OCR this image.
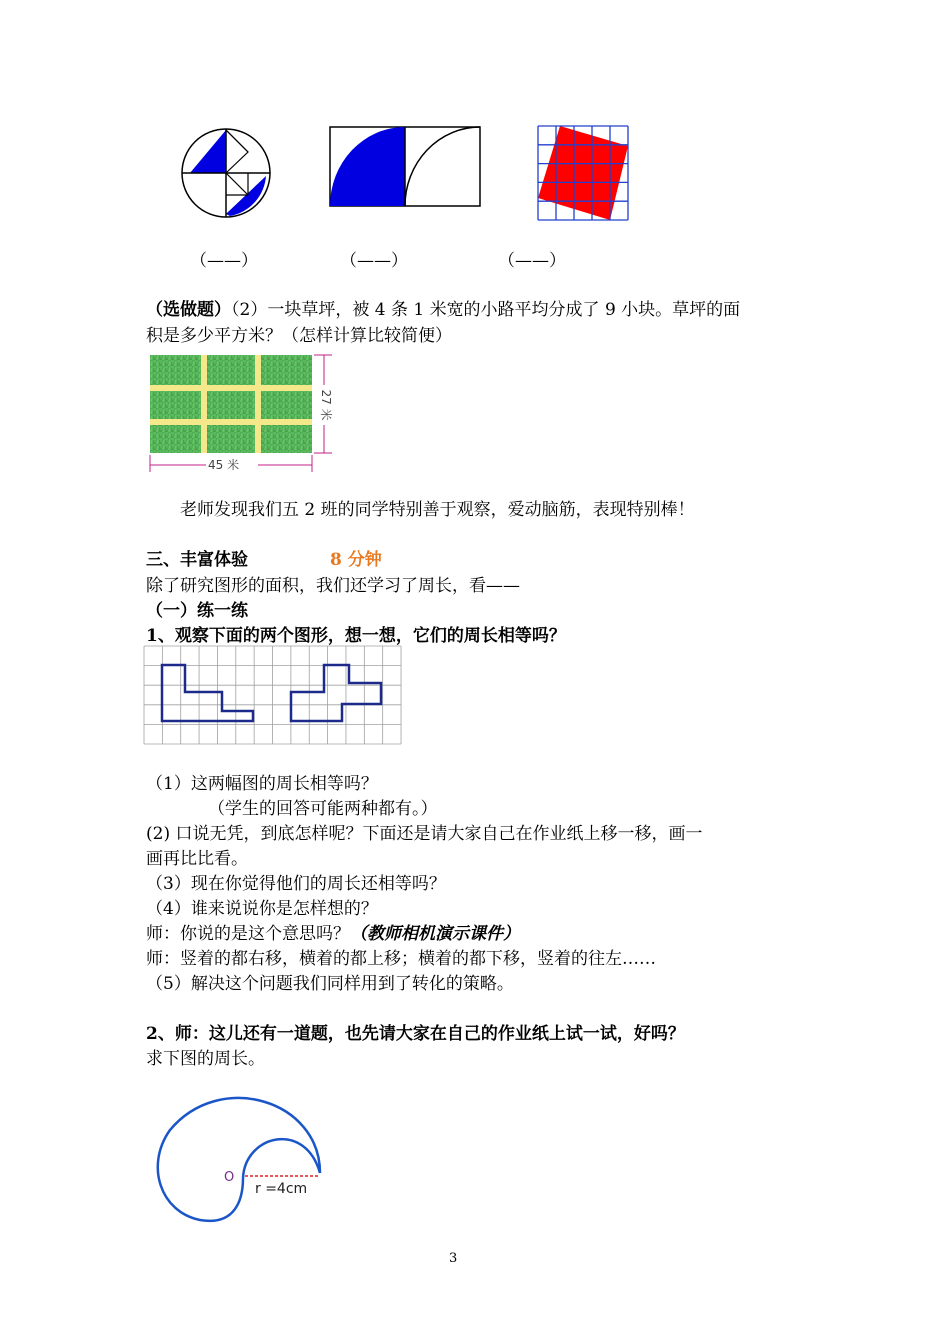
（——）	（——）	（——）
（选做题）（2）一块草坪，被 4 条 1 米宽的小路平均分成了 9 小块。草坪的面
积是多少平方米？（怎样计算比较简便）
45 米
27 米
老师发现我们五 2 班的同学特别善于观察，爱动脑筋，表现特别棒！
三、丰富体验	8 分钟
除了研究图形的面积，我们还学习了周长，看——
（一）练一练
1、观察下面的两个图形，想一想，它们的周长相等吗？
（1）这两幅图的周长相等吗？
（学生的回答可能两种都有。）
(2) 口说无凭，到底怎样呢？下面还是请大家自己在作业纸上移一移，画一
画再比比看。
（3）现在你觉得他们的周长还相等吗？
（4）谁来说说你是怎样想的？
师：你说的是这个意思吗？（教师相机演示课件）
师：竖着的都右移，横着的都上移；横着的都下移，竖着的往左……
（5）解决这个问题我们同样用到了转化的策略。
2、师：这儿还有一道题，也先请大家在自己的作业纸上试一试，好吗？
求下图的周长。
O
r =4cm
3
